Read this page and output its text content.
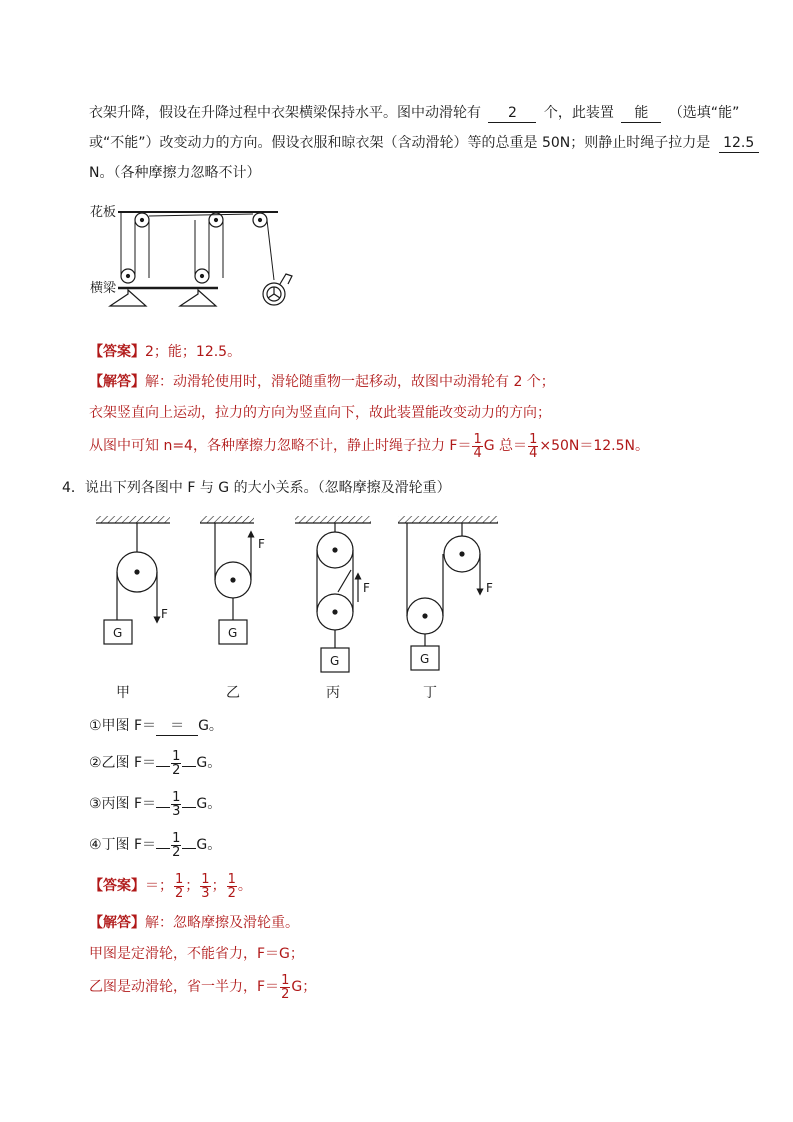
衣架升降，假设在升降过程中衣架横梁保持水平。图中动滑轮有 2 个，此装置 能 （选填“能”
或“不能”）改变动力的方向。假设衣服和晾衣架（含动滑轮）等的总重是 50N；则静止时绳子拉力是 12.5
N。（各种摩擦力忽略不计）
花板
横梁
【答案】2；能；12.5。
【解答】解：动滑轮使用时，滑轮随重物一起移动，故图中动滑轮有 2 个；
衣架竖直向上运动，拉力的方向为竖直向下，故此装置能改变动力的方向；
从图中可知 n=4，各种摩擦力忽略不计，静止时绳子拉力 $F= \frac{1}{4}$ G 总＝ $\frac{1}{4} \times 50N=12.5N$。
4．说出下列各图中 F 与 G 的大小关系。（忽略摩擦及滑轮重）
F
G
F
G
F
G
F
G
甲	乙	丙	丁
①甲图 F＝ ＝ G。
②乙图 $F= \frac{1}{2}$ G。
③丙图 $F= \frac{1}{3}$ G。
④丁图 $F= \frac{1}{2}$ G。
【答案】＝； $\frac{1}{2}$ ； $\frac{1}{3}$ ； $\frac{1}{2}$ 。
【解答】解：忽略摩擦及滑轮重。
甲图是定滑轮，不能省力，F＝G；
乙图是动滑轮，省一半力，$F= \frac{1}{2}$ G；
